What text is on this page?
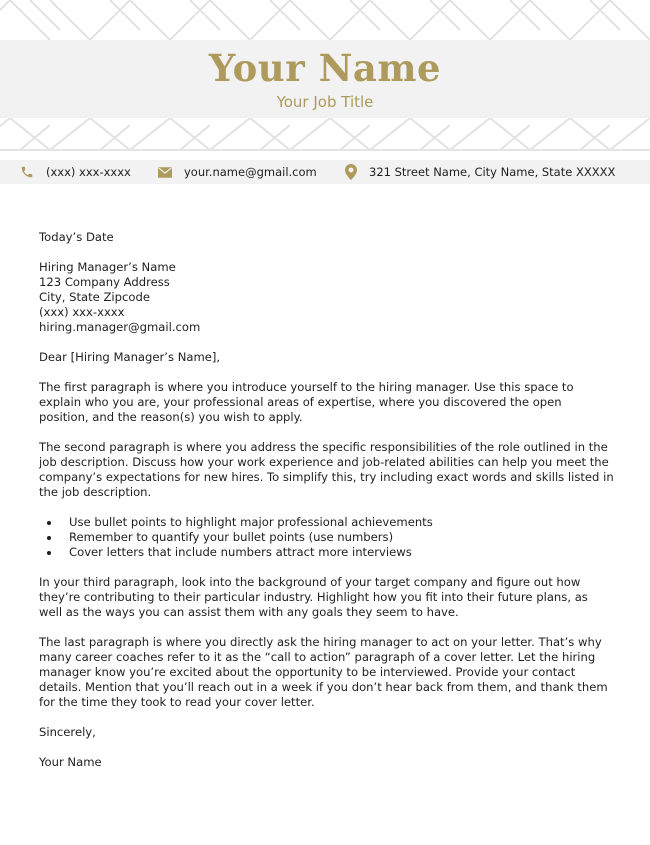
Your Name
Your Job Title
(xxx) xxx-xxxx	your.name@gmail.com	321 Street Name, City Name, State XXXXX

Today’s Date

Hiring Manager’s Name

123 Company Address

City, State Zipcode

(xxx) xxx-xxxx

hiring.manager@gmail.com

Dear [Hiring Manager’s Name],

The first paragraph is where you introduce yourself to the hiring manager. Use this space to explain who you are, your professional areas of expertise, where you discovered the open position, and the reason(s) you wish to apply.

The second paragraph is where you address the specific responsibilities of the role outlined in the job description. Discuss how your work experience and job-related abilities can help you meet the company’s expectations for new hires. To simplify this, try including exact words and skills listed in the job description.

• Use bullet points to highlight major professional achievements
• Remember to quantify your bullet points (use numbers)
• Cover letters that include numbers attract more interviews

In your third paragraph, look into the background of your target company and figure out how they’re contributing to their particular industry. Highlight how you fit into their future plans, as well as the ways you can assist them with any goals they seem to have.

The last paragraph is where you directly ask the hiring manager to act on your letter. That’s why many career coaches refer to it as the “call to action” paragraph of a cover letter. Let the hiring manager know you’re excited about the opportunity to be interviewed. Provide your contact details. Mention that you’ll reach out in a week if you don’t hear back from them, and thank them for the time they took to read your cover letter.

Sincerely,

Your Name
